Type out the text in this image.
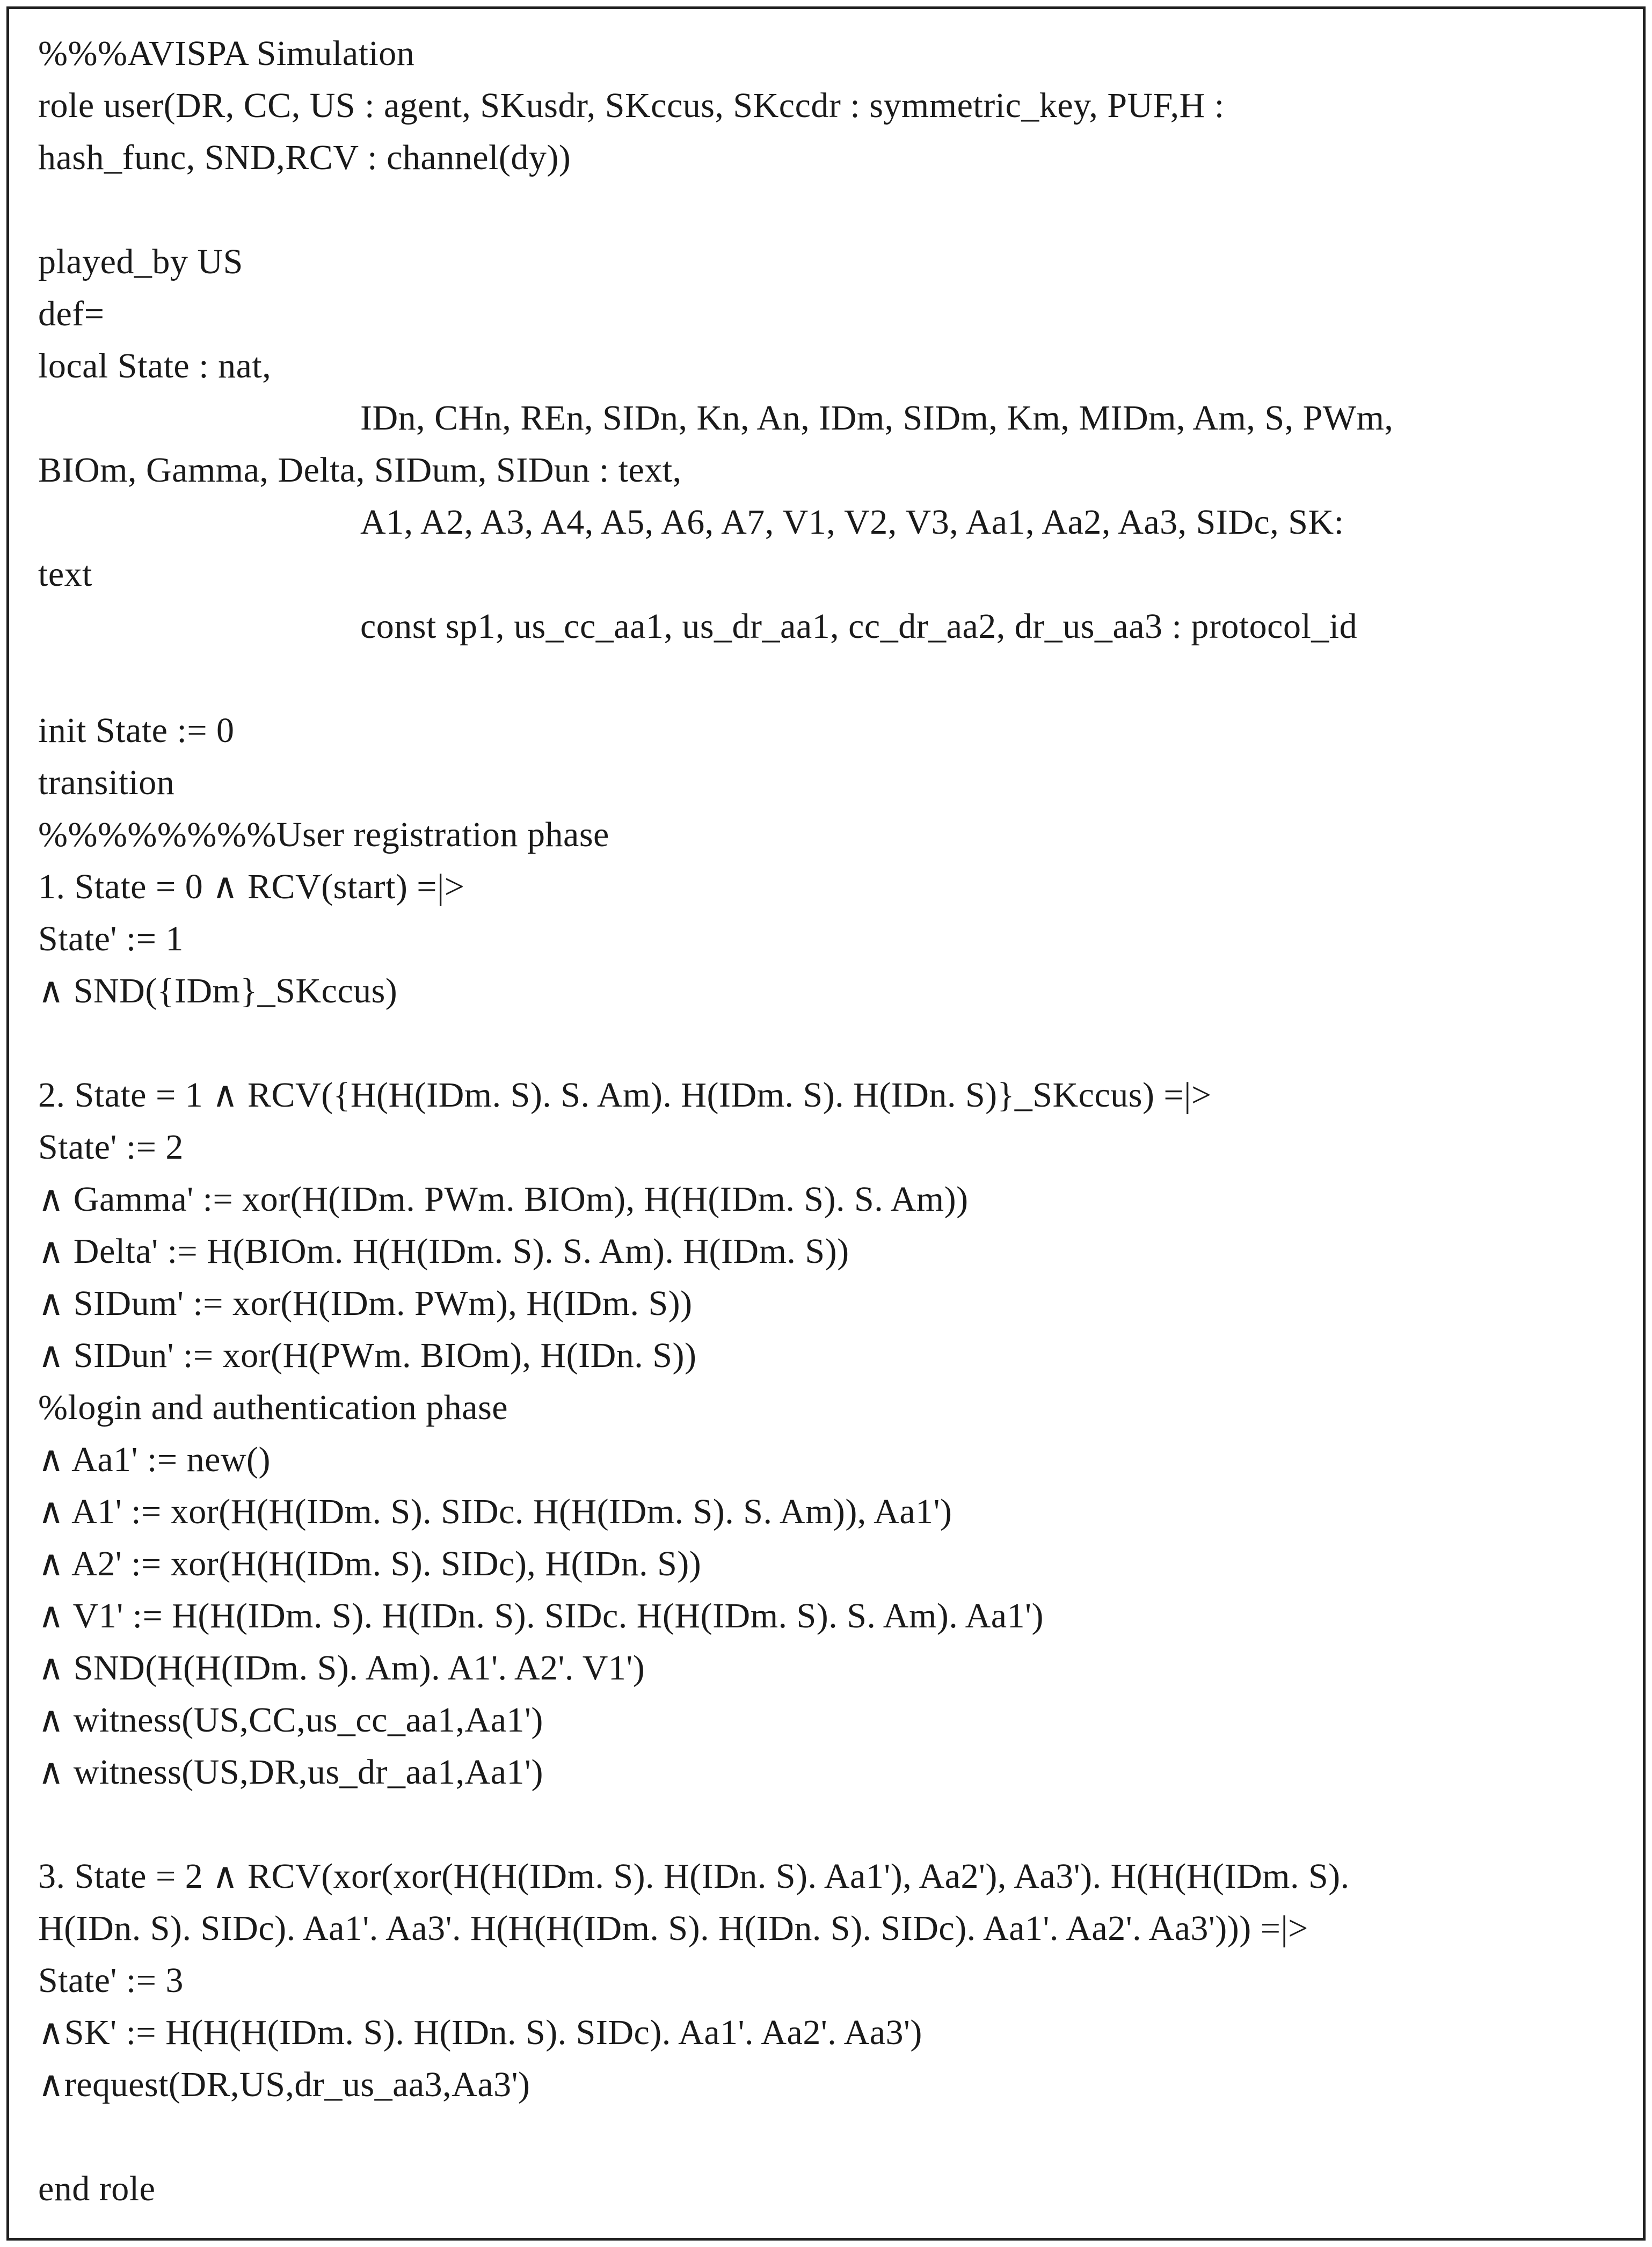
%%%AVISPA Simulation
role user(DR, CC, US : agent, SKusdr, SKccus, SKccdr : symmetric_key, PUF,H :
hash_func, SND,RCV : channel(dy))
played_by US
def=
local State : nat,
IDn, CHn, REn, SIDn, Kn, An, IDm, SIDm, Km, MIDm, Am, S, PWm,
BIOm, Gamma, Delta, SIDum, SIDun : text,
A1, A2, A3, A4, A5, A6, A7, V1, V2, V3, Aa1, Aa2, Aa3, SIDc, SK:
text
const sp1, us_cc_aa1, us_dr_aa1, cc_dr_aa2, dr_us_aa3 : protocol_id
init State := 0
transition
%%%%%%%%User registration phase
1. State = 0 ∧ RCV(start) =|>
State' := 1
∧ SND({IDm}_SKccus)
2. State = 1 ∧ RCV({H(H(IDm. S). S. Am). H(IDm. S). H(IDn. S)}_SKccus) =|>
State' := 2
∧ Gamma' := xor(H(IDm. PWm. BIOm), H(H(IDm. S). S. Am))
∧ Delta' := H(BIOm. H(H(IDm. S). S. Am). H(IDm. S))
∧ SIDum' := xor(H(IDm. PWm), H(IDm. S))
∧ SIDun' := xor(H(PWm. BIOm), H(IDn. S))
%login and authentication phase
∧ Aa1' := new()
∧ A1' := xor(H(H(IDm. S). SIDc. H(H(IDm. S). S. Am)), Aa1')
∧ A2' := xor(H(H(IDm. S). SIDc), H(IDn. S))
∧ V1' := H(H(IDm. S). H(IDn. S). SIDc. H(H(IDm. S). S. Am). Aa1')
∧ SND(H(H(IDm. S). Am). A1'. A2'. V1')
∧ witness(US,CC,us_cc_aa1,Aa1')
∧ witness(US,DR,us_dr_aa1,Aa1')
3. State = 2 ∧ RCV(xor(xor(H(H(IDm. S). H(IDn. S). Aa1'), Aa2'), Aa3'). H(H(H(IDm. S).
H(IDn. S). SIDc). Aa1'. Aa3'. H(H(H(IDm. S). H(IDn. S). SIDc). Aa1'. Aa2'. Aa3'))) =|>
State' := 3
∧SK' := H(H(H(IDm. S). H(IDn. S). SIDc). Aa1'. Aa2'. Aa3')
∧request(DR,US,dr_us_aa3,Aa3')
end role
